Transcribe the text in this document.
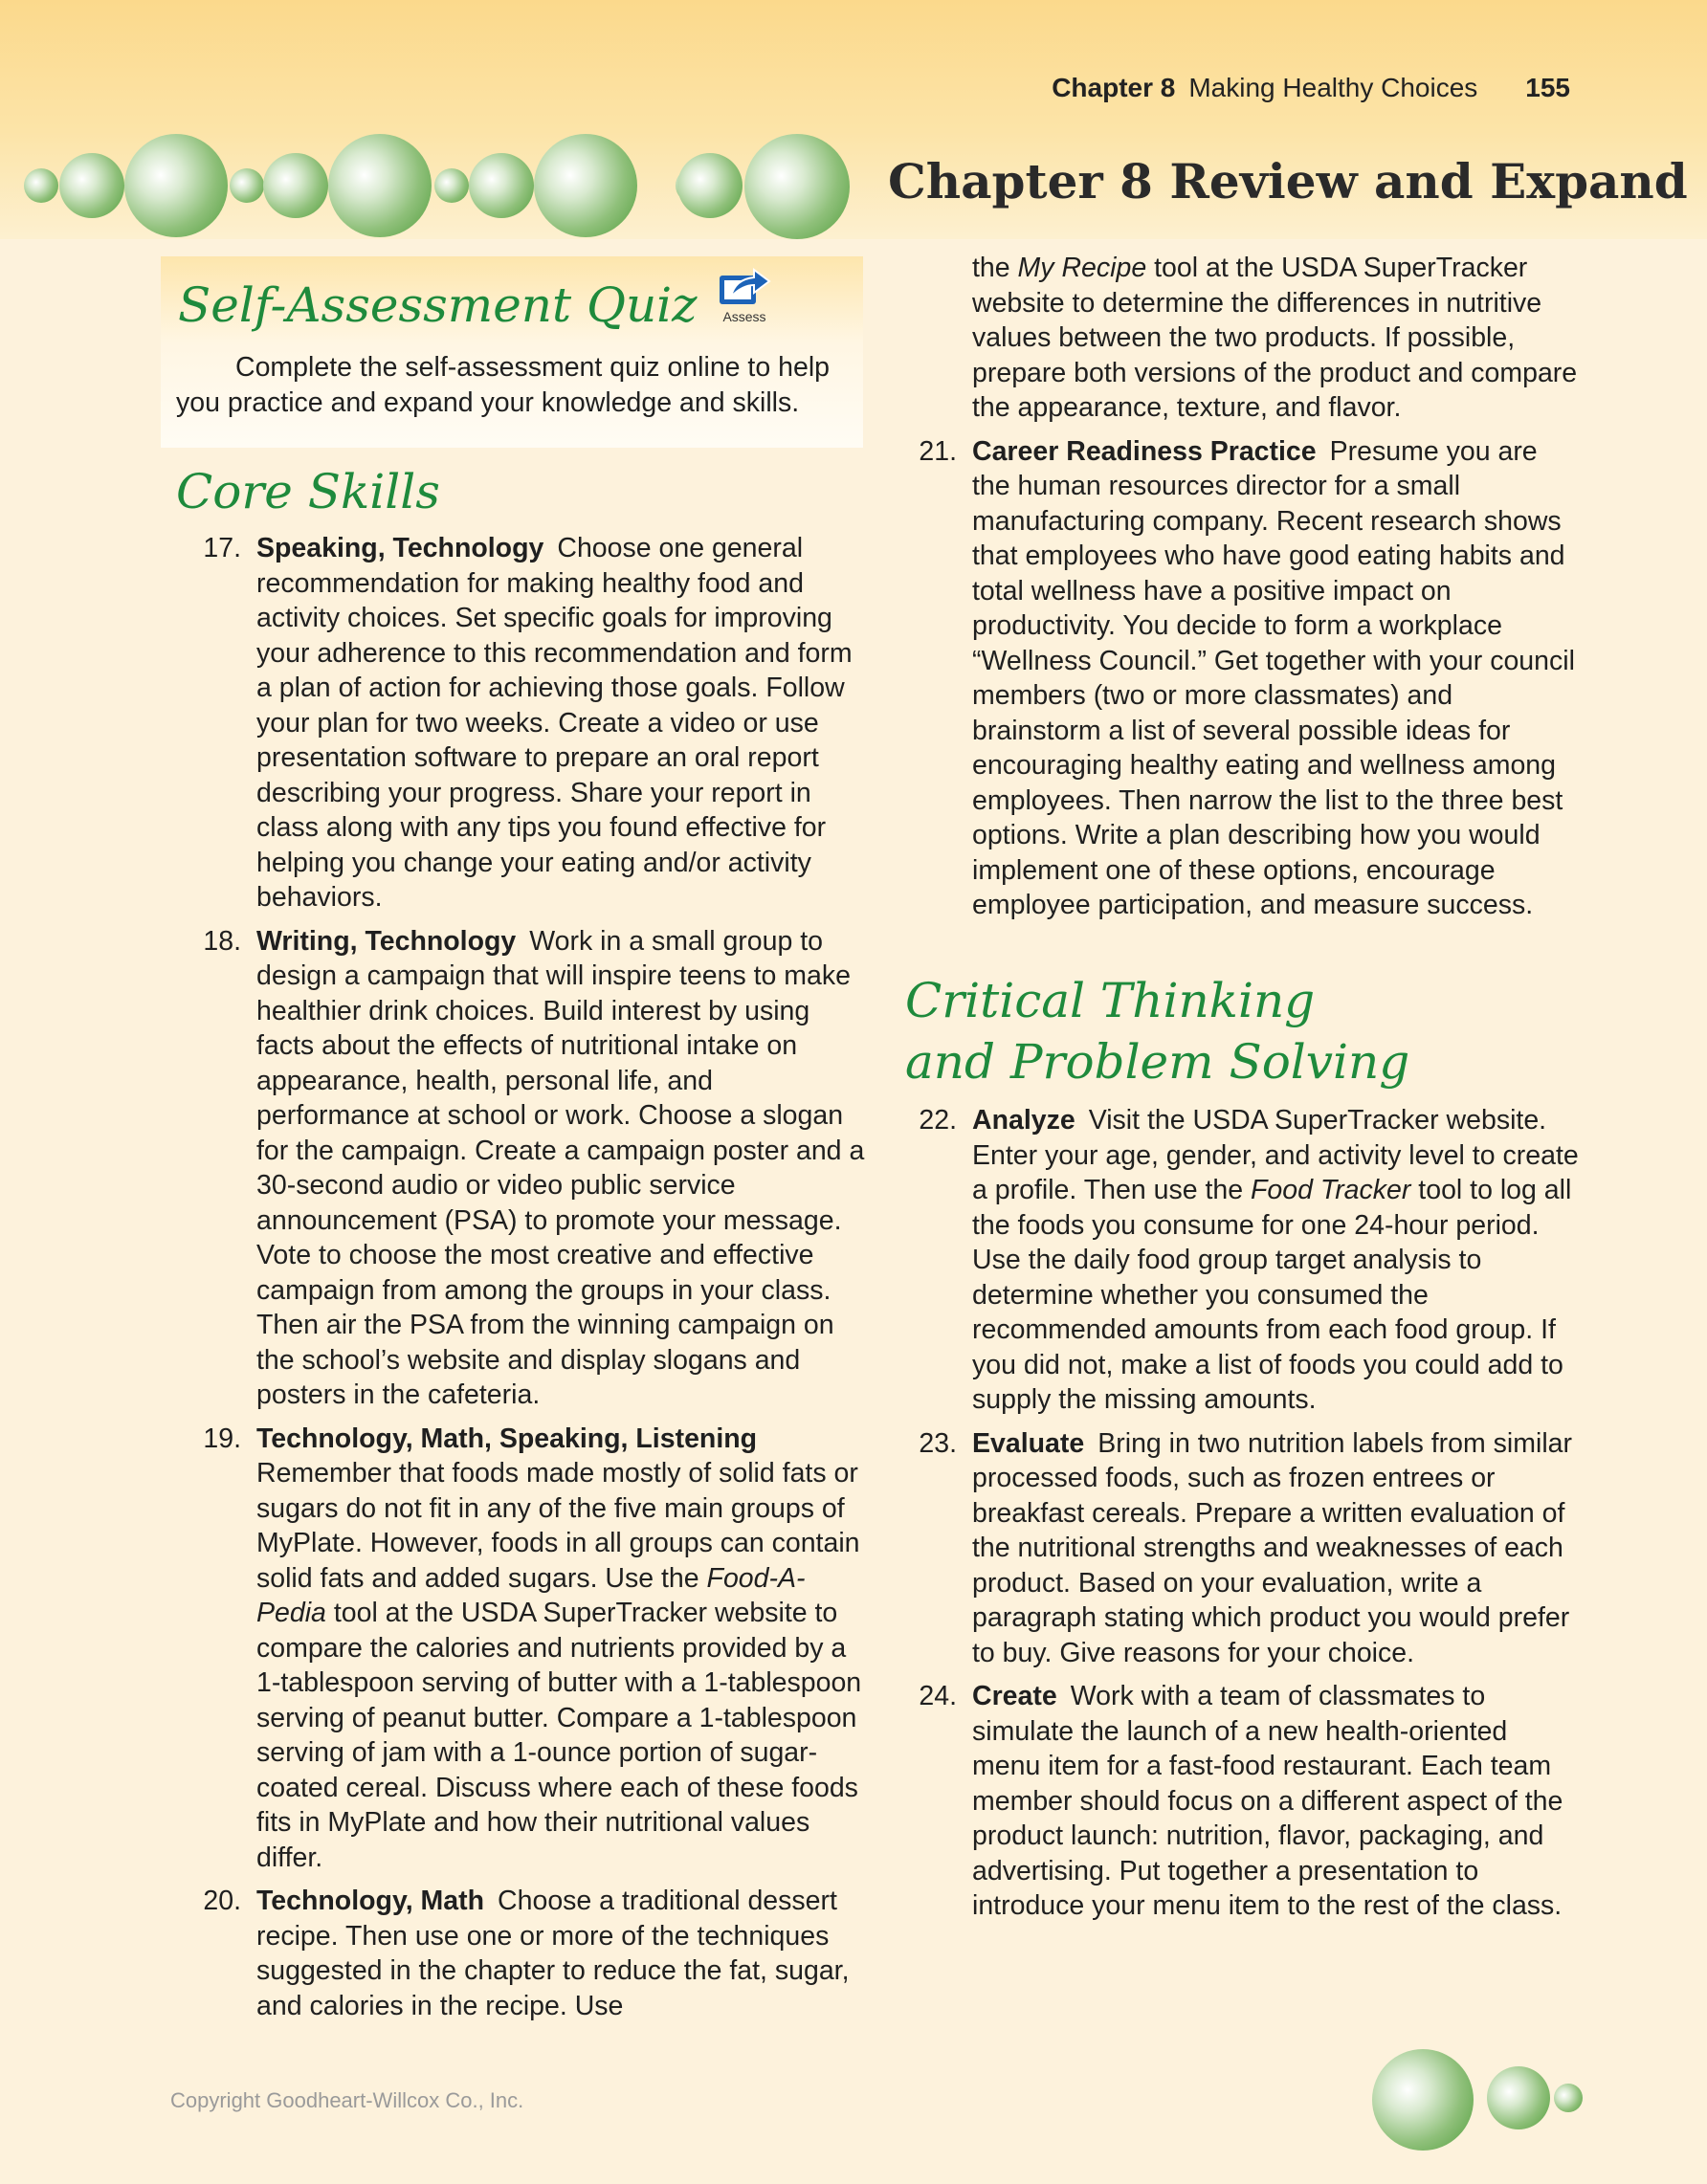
Chapter 8 Making Healthy Choices 155
Chapter 8 Review and Expand
Self-Assessment Quiz	Assess
Complete the self-assessment quiz online to help you practice and expand your knowledge and skills.
Core Skills

17. Speaking, Technology Choose one general recommendation for making healthy food and activity choices. Set specific goals for improving your adherence to this recommendation and form a plan of action for achieving those goals. Follow your plan for two weeks. Create a video or use presentation software to prepare an oral report describing your progress. Share your report in class along with any tips you found effective for helping you change your eating and/or activity behaviors.

18. Writing, Technology Work in a small group to design a campaign that will inspire teens to make healthier drink choices. Build interest by using facts about the effects of nutritional intake on appearance, health, personal life, and performance at school or work. Choose a slogan for the campaign. Create a campaign poster and a 30-second audio or video public service announcement (PSA) to promote your message. Vote to choose the most creative and effective campaign from among the groups in your class. Then air the PSA from the winning campaign on the school’s website and display slogans and posters in the cafeteria.

19. Technology, Math, Speaking, Listening Remember that foods made mostly of solid fats or sugars do not fit in any of the five main groups of MyPlate. However, foods in all groups can contain solid fats and added sugars. Use the Food-A-Pedia tool at the USDA SuperTracker website to compare the calories and nutrients provided by a 1-tablespoon serving of butter with a 1-tablespoon serving of peanut butter. Compare a 1-tablespoon serving of jam with a 1-ounce portion of sugar-coated cereal. Discuss where each of these foods fits in MyPlate and how their nutritional values differ.

20. Technology, Math Choose a traditional dessert recipe. Then use one or more of the techniques suggested in the chapter to reduce the fat, sugar, and calories in the recipe. Use

the My Recipe tool at the USDA SuperTracker website to determine the differences in nutritive values between the two products. If possible, prepare both versions of the product and compare the appearance, texture, and flavor.

21. Career Readiness Practice Presume you are the human resources director for a small manufacturing company. Recent research shows that employees who have good eating habits and total wellness have a positive impact on productivity. You decide to form a workplace “Wellness Council.” Get together with your council members (two or more classmates) and brainstorm a list of several possible ideas for encouraging healthy eating and wellness among employees. Then narrow the list to the three best options. Write a plan describing how you would implement one of these options, encourage employee participation, and measure success.

Critical Thinking
and Problem Solving

22. Analyze Visit the USDA SuperTracker website. Enter your age, gender, and activity level to create a profile. Then use the Food Tracker tool to log all the foods you consume for one 24-hour period. Use the daily food group target analysis to determine whether you consumed the recommended amounts from each food group. If you did not, make a list of foods you could add to supply the missing amounts.

23. Evaluate Bring in two nutrition labels from similar processed foods, such as frozen entrees or breakfast cereals. Prepare a written evaluation of the nutritional strengths and weaknesses of each product. Based on your evaluation, write a paragraph stating which product you would prefer to buy. Give reasons for your choice.

24. Create Work with a team of classmates to simulate the launch of a new health-oriented menu item for a fast-food restaurant. Each team member should focus on a different aspect of the product launch: nutrition, flavor, packaging, and advertising. Put together a presentation to introduce your menu item to the rest of the class.

Copyright Goodheart-Willcox Co., Inc.
